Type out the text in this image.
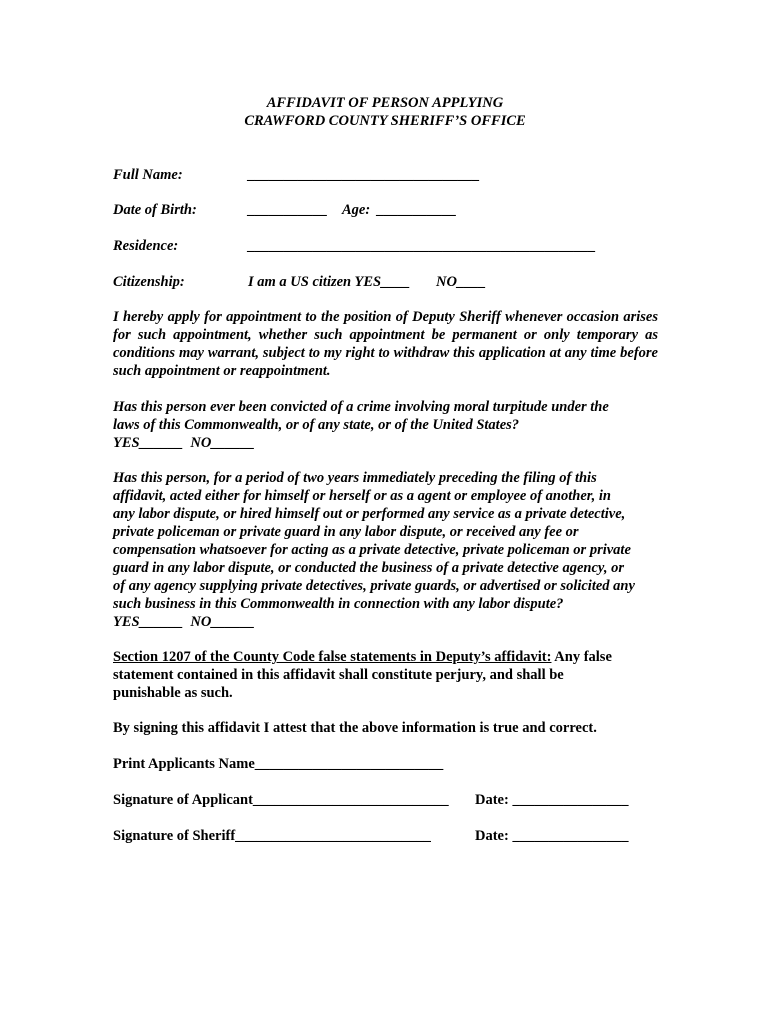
AFFIDAVIT OF PERSON APPLYING
CRAWFORD COUNTY SHERIFF’S OFFICE
Full Name:	________________________________
Date of Birth:	___________ Age: ___________
Residence:	________________________________________________
Citizenship:	I am a US citizen YES____ NO____
I hereby apply for appointment to the position of Deputy Sheriff whenever occasion arises for such appointment, whether such appointment be permanent or only temporary as conditions may warrant, subject to my right to withdraw this application at any time before such appointment or reappointment.
Has this person ever been convicted of a crime involving moral turpitude under the
laws of this Commonwealth, or of any state, or of the United States?
YES______  NO______
Has this person, for a period of two years immediately preceding the filing of this
affidavit, acted either for himself or herself or as a agent or employee of another, in
any labor dispute, or hired himself out or performed any service as a private detective,
private policeman or private guard in any labor dispute, or received any fee or
compensation whatsoever for acting as a private detective, private policeman or private
guard in any labor dispute, or conducted the business of a private detective agency, or
of any agency supplying private detectives, private guards, or advertised or solicited any
such business in this Commonwealth in connection with any labor dispute?
YES______  NO______
Section 1207 of the County Code false statements in Deputy’s affidavit: Any false
statement contained in this affidavit shall constitute perjury, and shall be
punishable as such.
By signing this affidavit I attest that the above information is true and correct.
Print Applicants Name__________________________
Signature of Applicant___________________________ Date: ________________
Signature of Sheriff___________________________	Date: ________________
